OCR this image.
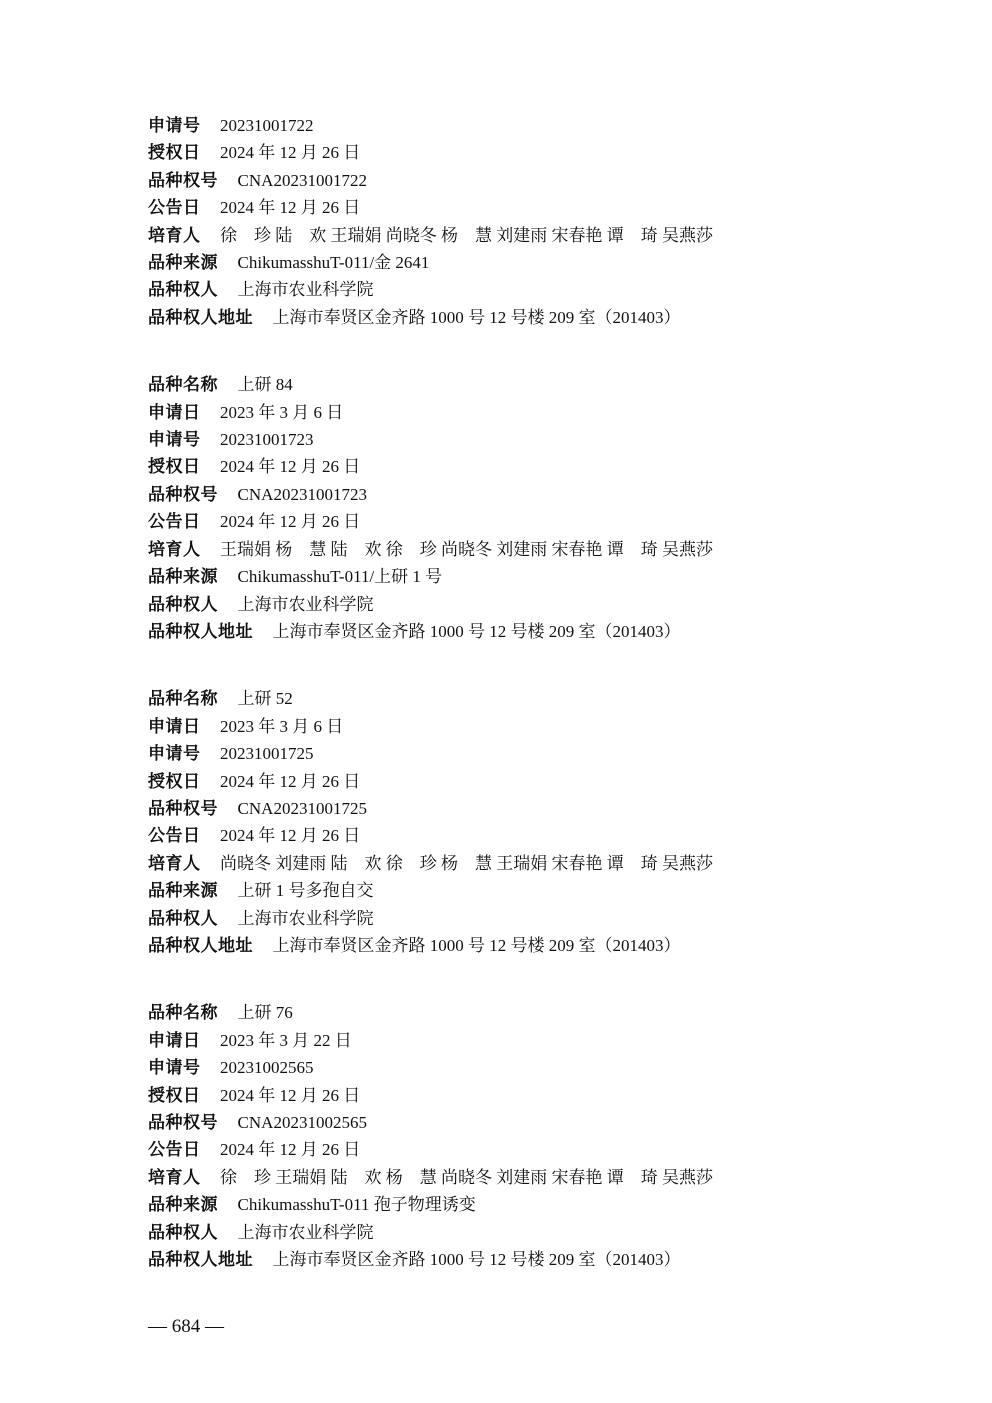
申请号 20231001722
授权日 2024 年 12 月 26 日
品种权号 CNA20231001722
公告日 2024 年 12 月 26 日
培育人 徐　珍 陆　欢 王瑞娟 尚晓冬 杨　慧 刘建雨 宋春艳 谭　琦 吴燕莎
品种来源 ChikumasshuT-011/金 2641
品种权人 上海市农业科学院
品种权人地址 上海市奉贤区金齐路 1000 号 12 号楼 209 室（201403）
品种名称 上研 84
申请日 2023 年 3 月 6 日
申请号 20231001723
授权日 2024 年 12 月 26 日
品种权号 CNA20231001723
公告日 2024 年 12 月 26 日
培育人 王瑞娟 杨　慧 陆　欢 徐　珍 尚晓冬 刘建雨 宋春艳 谭　琦 吴燕莎
品种来源 ChikumasshuT-011/上研 1 号
品种权人 上海市农业科学院
品种权人地址 上海市奉贤区金齐路 1000 号 12 号楼 209 室（201403）
品种名称 上研 52
申请日 2023 年 3 月 6 日
申请号 20231001725
授权日 2024 年 12 月 26 日
品种权号 CNA20231001725
公告日 2024 年 12 月 26 日
培育人 尚晓冬 刘建雨 陆　欢 徐　珍 杨　慧 王瑞娟 宋春艳 谭　琦 吴燕莎
品种来源 上研 1 号多孢自交
品种权人 上海市农业科学院
品种权人地址 上海市奉贤区金齐路 1000 号 12 号楼 209 室（201403）
品种名称 上研 76
申请日 2023 年 3 月 22 日
申请号 20231002565
授权日 2024 年 12 月 26 日
品种权号 CNA20231002565
公告日 2024 年 12 月 26 日
培育人 徐　珍 王瑞娟 陆　欢 杨　慧 尚晓冬 刘建雨 宋春艳 谭　琦 吴燕莎
品种来源 ChikumasshuT-011 孢子物理诱变
品种权人 上海市农业科学院
品种权人地址 上海市奉贤区金齐路 1000 号 12 号楼 209 室（201403）
— 684 —
